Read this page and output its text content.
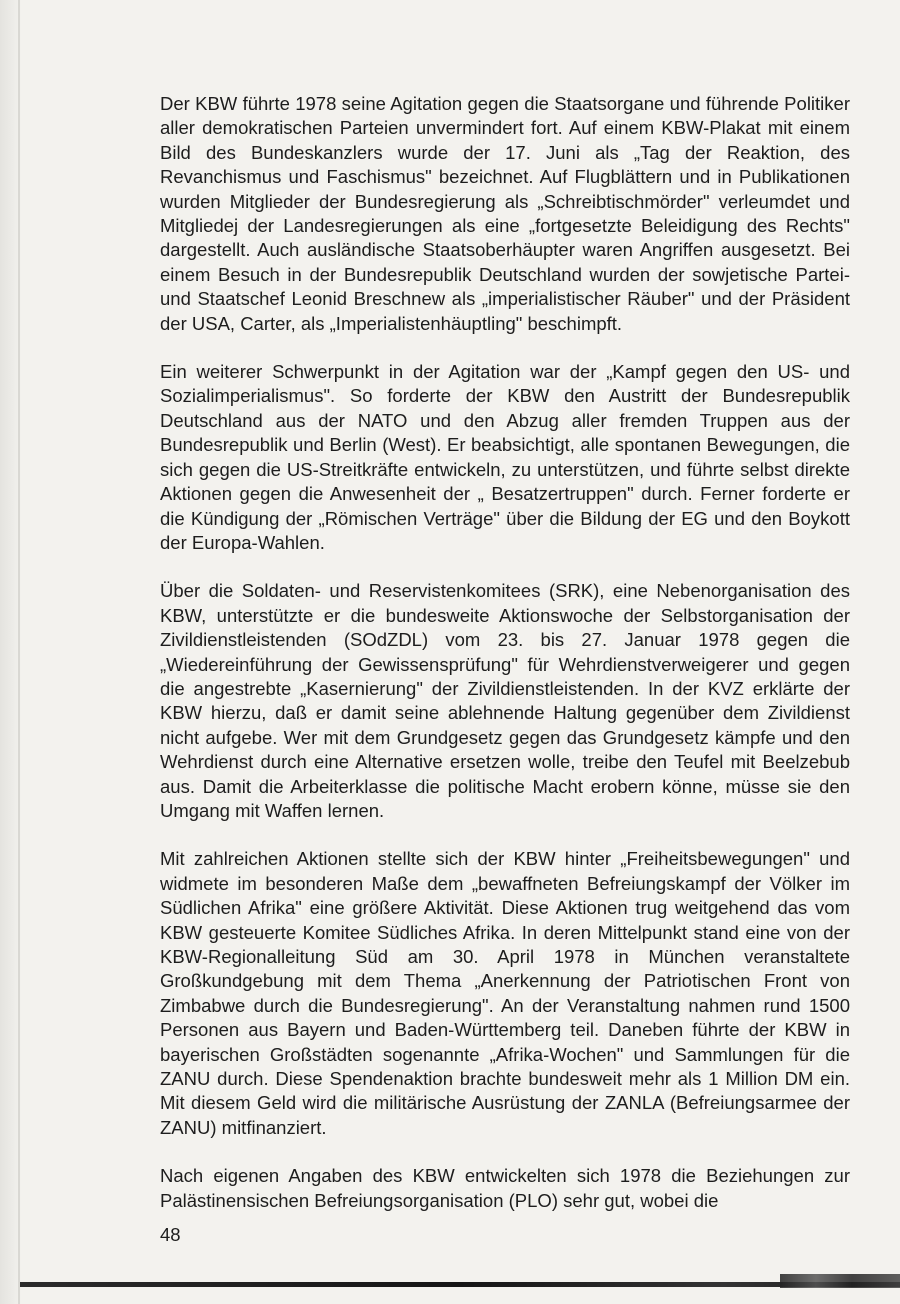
Der KBW führte 1978 seine Agitation gegen die Staatsorgane und führende Politiker aller demokratischen Parteien unvermindert fort. Auf einem KBW-Plakat mit einem Bild des Bundeskanzlers wurde der 17. Juni als „Tag der Reaktion, des Revanchismus und Faschismus" bezeichnet. Auf Flugblättern und in Publikationen wurden Mitglieder der Bundesregierung als „Schreibtischmörder" verleumdet und Mitgliedej der Landesregierungen als eine „fortgesetzte Beleidigung des Rechts" dargestellt. Auch ausländische Staatsoberhäupter waren Angriffen ausgesetzt. Bei einem Besuch in der Bundesrepublik Deutschland wurden der sowjetische Partei- und Staatschef Leonid Breschnew als „imperialistischer Räuber" und der Präsident der USA, Carter, als „Imperialistenhäuptling" beschimpft.

Ein weiterer Schwerpunkt in der Agitation war der „Kampf gegen den US- und Sozialimperialismus". So forderte der KBW den Austritt der Bundesrepublik Deutschland aus der NATO und den Abzug aller fremden Truppen aus der Bundesrepublik und Berlin (West). Er beabsichtigt, alle spontanen Bewegungen, die sich gegen die US-Streitkräfte entwickeln, zu unterstützen, und führte selbst direkte Aktionen gegen die Anwesenheit der „ Besatzertruppen" durch. Ferner forderte er die Kündigung der „Römischen Verträge" über die Bildung der EG und den Boykott der Europa-Wahlen.

Über die Soldaten- und Reservistenkomitees (SRK), eine Nebenorganisation des KBW, unterstützte er die bundesweite Aktionswoche der Selbstorganisation der Zivildienstleistenden (SOdZDL) vom 23. bis 27. Januar 1978 gegen die „Wiedereinführung der Gewissensprüfung" für Wehrdienstverweigerer und gegen die angestrebte „Kasernierung" der Zivildienstleistenden. In der KVZ erklärte der KBW hierzu, daß er damit seine ablehnende Haltung gegenüber dem Zivildienst nicht aufgebe. Wer mit dem Grundgesetz gegen das Grundgesetz kämpfe und den Wehrdienst durch eine Alternative ersetzen wolle, treibe den Teufel mit Beelzebub aus. Damit die Arbeiterklasse die politische Macht erobern könne, müsse sie den Umgang mit Waffen lernen.

Mit zahlreichen Aktionen stellte sich der KBW hinter „Freiheitsbewegungen" und widmete im besonderen Maße dem „bewaffneten Befreiungskampf der Völker im Südlichen Afrika" eine größere Aktivität. Diese Aktionen trug weitgehend das vom KBW gesteuerte Komitee Südliches Afrika. In deren Mittelpunkt stand eine von der KBW-Regionalleitung Süd am 30. April 1978 in München veranstaltete Großkundgebung mit dem Thema „Anerkennung der Patriotischen Front von Zimbabwe durch die Bundesregierung". An der Veranstaltung nahmen rund 1500 Personen aus Bayern und Baden-Württemberg teil. Daneben führte der KBW in bayerischen Großstädten sogenannte „Afrika-Wochen" und Sammlungen für die ZANU durch. Diese Spendenaktion brachte bundesweit mehr als 1 Million DM ein. Mit diesem Geld wird die militärische Ausrüstung der ZANLA (Befreiungsarmee der ZANU) mitfinanziert.

Nach eigenen Angaben des KBW entwickelten sich 1978 die Beziehungen zur Palästinensischen Befreiungsorganisation (PLO) sehr gut, wobei die

48
